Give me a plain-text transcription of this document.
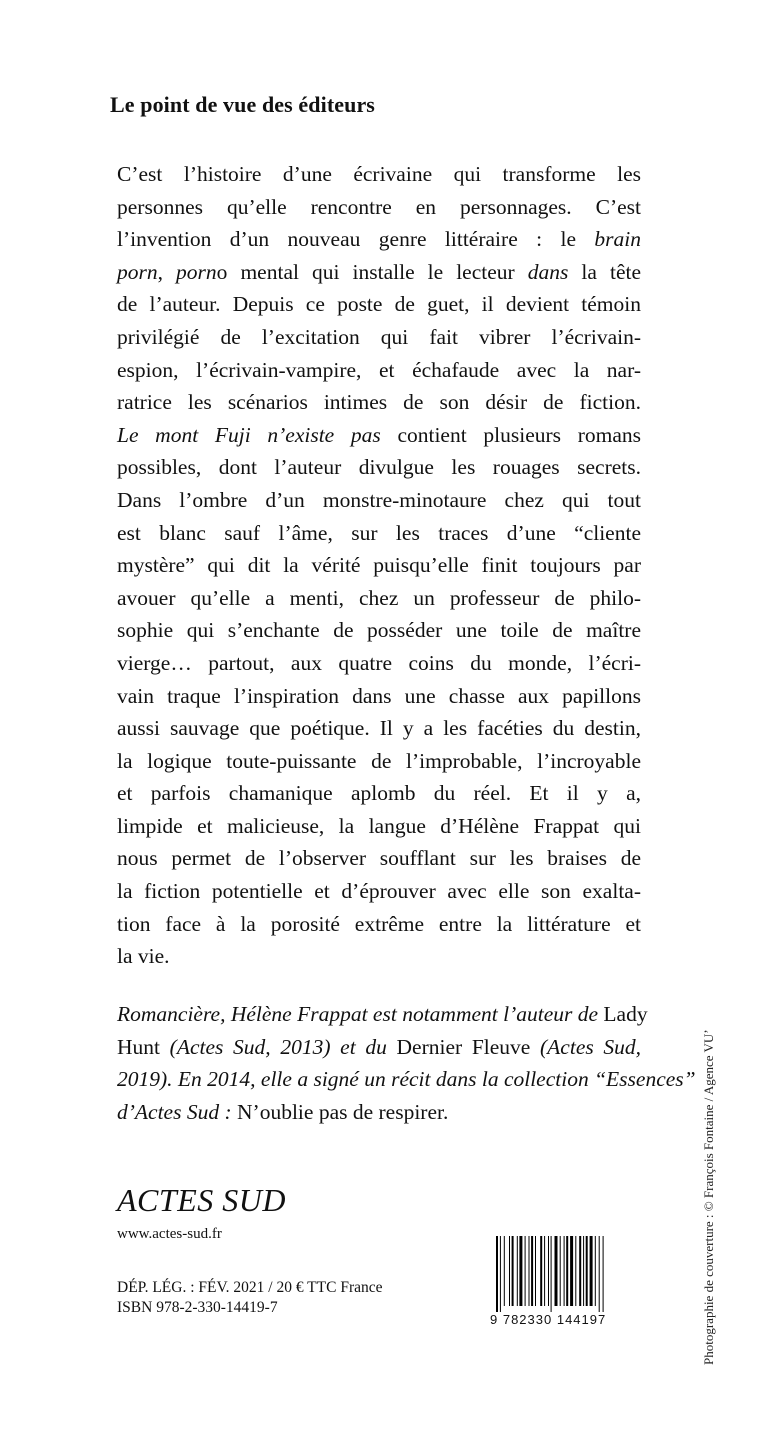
Le point de vue des éditeurs
C’est l’histoire d’une écrivaine qui transforme les
personnes qu’elle rencontre en personnages. C’est
l’invention d’un nouveau genre littéraire : le brain
porn, porno mental qui installe le lecteur dans la tête
de l’auteur. Depuis ce poste de guet, il devient témoin
privilégié de l’excitation qui fait vibrer l’écrivain-
espion, l’écrivain-vampire, et échafaude avec la nar-
ratrice les scénarios intimes de son désir de fiction.
Le mont Fuji n’existe pas contient plusieurs romans
possibles, dont l’auteur divulgue les rouages secrets.
Dans l’ombre d’un monstre-minotaure chez qui tout
est blanc sauf l’âme, sur les traces d’une “cliente
mystère” qui dit la vérité puisqu’elle finit toujours par
avouer qu’elle a menti, chez un professeur de philo-
sophie qui s’enchante de posséder une toile de maître
vierge… partout, aux quatre coins du monde, l’écri-
vain traque l’inspiration dans une chasse aux papillons
aussi sauvage que poétique. Il y a les facéties du destin,
la logique toute-puissante de l’improbable, l’incroyable
et parfois chamanique aplomb du réel. Et il y a,
limpide et malicieuse, la langue d’Hélène Frappat qui
nous permet de l’observer soufflant sur les braises de
la fiction potentielle et d’éprouver avec elle son exalta-
tion face à la porosité extrême entre la littérature et
la vie.
Romancière, Hélène Frappat est notamment l’auteur de Lady
Hunt (Actes Sud, 2013) et du Dernier Fleuve (Actes Sud,
2019). En 2014, elle a signé un récit dans la collection “Essences”
d’Actes Sud : N’oublie pas de respirer.
ACTES SUD
www.actes-sud.fr
DÉP. LÉG. : FÉV. 2021 / 20 € TTC France
ISBN 978-2-330-14419-7
9 782330 144197	Photographie de couverture : © François Fontaine / Agence VU’
